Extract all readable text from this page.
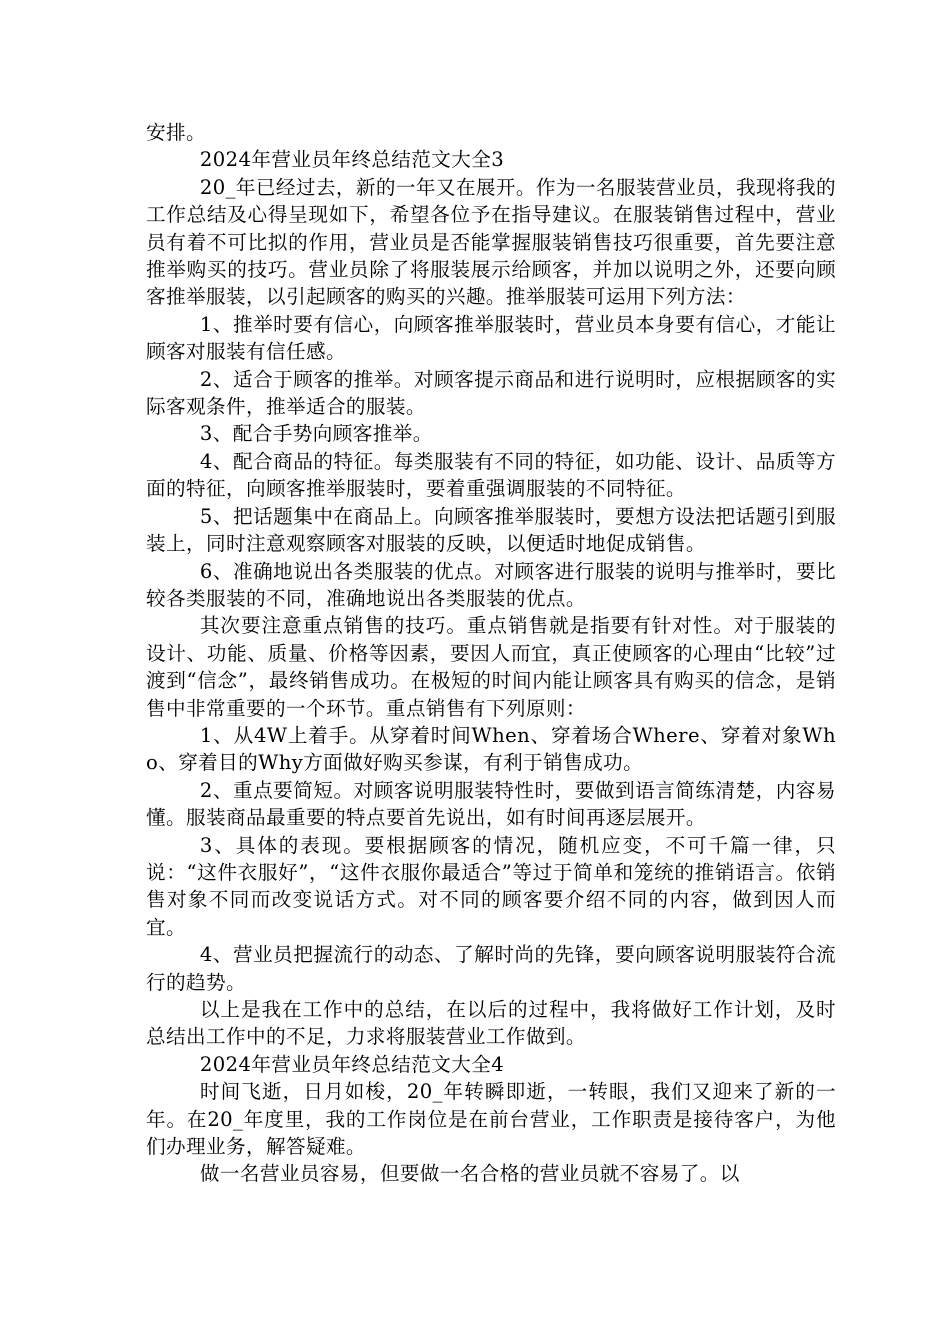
安排。

2024年营业员年终总结范文大全3

20_年已经过去，新的一年又在展开。作为一名服装营业员，我现将我的工作总结及心得呈现如下，希望各位予在指导建议。在服装销售过程中，营业员有着不可比拟的作用，营业员是否能掌握服装销售技巧很重要，首先要注意推举购买的技巧。营业员除了将服装展示给顾客，并加以说明之外，还要向顾客推举服装，以引起顾客的购买的兴趣。推举服装可运用下列方法：

1、推举时要有信心，向顾客推举服装时，营业员本身要有信心，才能让顾客对服装有信任感。

2、适合于顾客的推举。对顾客提示商品和进行说明时，应根据顾客的实际客观条件，推举适合的服装。

3、配合手势向顾客推举。

4、配合商品的特征。每类服装有不同的特征，如功能、设计、品质等方面的特征，向顾客推举服装时，要着重强调服装的不同特征。

5、把话题集中在商品上。向顾客推举服装时，要想方设法把话题引到服装上，同时注意观察顾客对服装的反映，以便适时地促成销售。

6、准确地说出各类服装的优点。对顾客进行服装的说明与推举时，要比较各类服装的不同，准确地说出各类服装的优点。

其次要注意重点销售的技巧。重点销售就是指要有针对性。对于服装的设计、功能、质量、价格等因素，要因人而宜，真正使顾客的心理由“比较”过渡到“信念”，最终销售成功。在极短的时间内能让顾客具有购买的信念，是销售中非常重要的一个环节。重点销售有下列原则：

1、从4W上着手。从穿着时间When、穿着场合Where、穿着对象Who、穿着目的Why方面做好购买参谋，有利于销售成功。

2、重点要简短。对顾客说明服装特性时，要做到语言简练清楚，内容易懂。服装商品最重要的特点要首先说出，如有时间再逐层展开。

3、具体的表现。要根据顾客的情况，随机应变，不可千篇一律，只说：“这件衣服好”，“这件衣服你最适合”等过于简单和笼统的推销语言。依销售对象不同而改变说话方式。对不同的顾客要介绍不同的内容，做到因人而宜。

4、营业员把握流行的动态、了解时尚的先锋，要向顾客说明服装符合流行的趋势。

以上是我在工作中的总结，在以后的过程中，我将做好工作计划，及时总结出工作中的不足，力求将服装营业工作做到。

2024年营业员年终总结范文大全4

时间飞逝，日月如梭，20_年转瞬即逝，一转眼，我们又迎来了新的一年。在20_年度里，我的工作岗位是在前台营业，工作职责是接待客户，为他们办理业务，解答疑难。

做一名营业员容易，但要做一名合格的营业员就不容易了。以
